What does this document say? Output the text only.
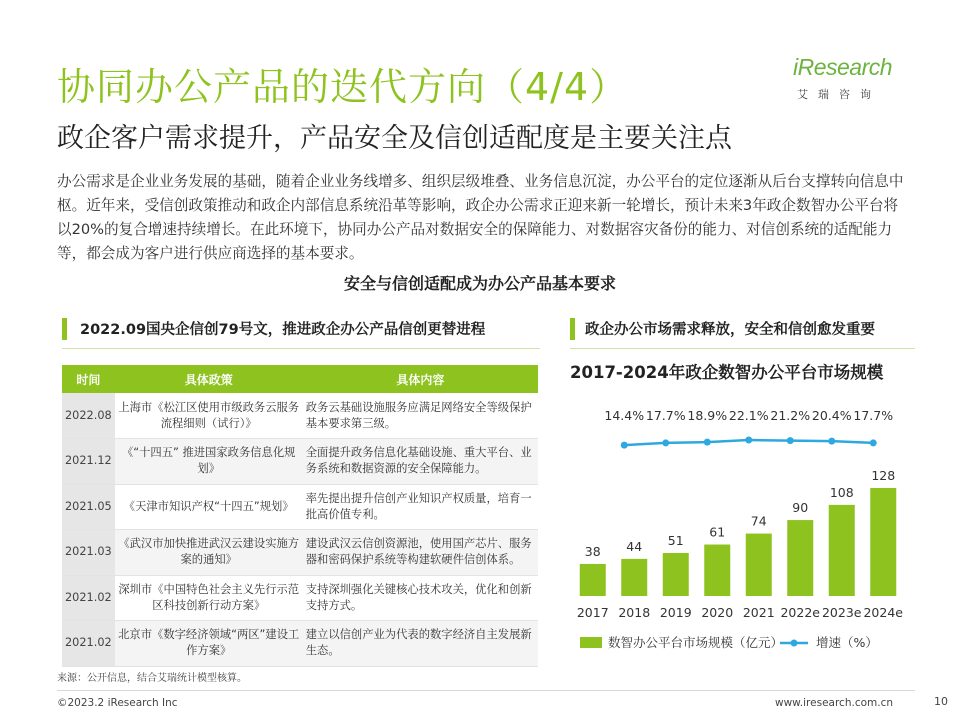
协同办公产品的迭代方向（4/4）
政企客户需求提升，产品安全及信创适配度是主要关注点
iResearch
艾瑞咨询
办公需求是企业业务发展的基础，随着企业业务线增多、组织层级堆叠、业务信息沉淀，办公平台的定位逐渐从后台支撑转向信息中枢。近年来，受信创政策推动和政企内部信息系统沿革等影响，政企办公需求正迎来新一轮增长，预计未来3年政企数智办公平台将以20%的复合增速持续增长。在此环境下，协同办公产品对数据安全的保障能力、对数据容灾备份的能力、对信创系统的适配能力等，都会成为客户进行供应商选择的基本要求。
安全与信创适配成为办公产品基本要求
2022.09国央企信创79号文，推进政企办公产品信创更替进程	政企办公市场需求释放，安全和信创愈发重要
时间	具体政策	具体内容
2022.08	上海市《松江区使用市级政务云服务流程细则（试行）》	政务云基础设施服务应满足网络安全等级保护基本要求第三级。
2021.12	《“十四五” 推进国家政务信息化规划》	全面提升政务信息化基础设施、重大平台、业务系统和数据资源的安全保障能力。
2021.05	《天津市知识产权“十四五”规划》	率先提出提升信创产业知识产权质量，培育一批高价值专利。
2021.03	《武汉市加快推进武汉云建设实施方案的通知》	建设武汉云信创资源池，使用国产芯片、服务器和密码保护系统等构建软硬件信创体系。
2021.02	深圳市《中国特色社会主义先行示范区科技创新行动方案》	支持深圳强化关键核心技术攻关，优化和创新支持方式。
2021.02	北京市《数字经济领域“两区”建设工作方案》	建立以信创产业为代表的数字经济自主发展新生态。
2017-2024年政企数智办公平台市场规模
38
2017
44
2018
51
2019
61
2020
74
2021
90
2022e
108
2023e
128
2024e
14.4% 17.7% 18.9% 22.1% 21.2% 20.4% 17.7%
数智办公平台市场规模（亿元）	增速（%）
来源：公开信息，结合艾瑞统计模型核算。
©2023.2 iResearch Inc	www.iresearch.com.cn	10
